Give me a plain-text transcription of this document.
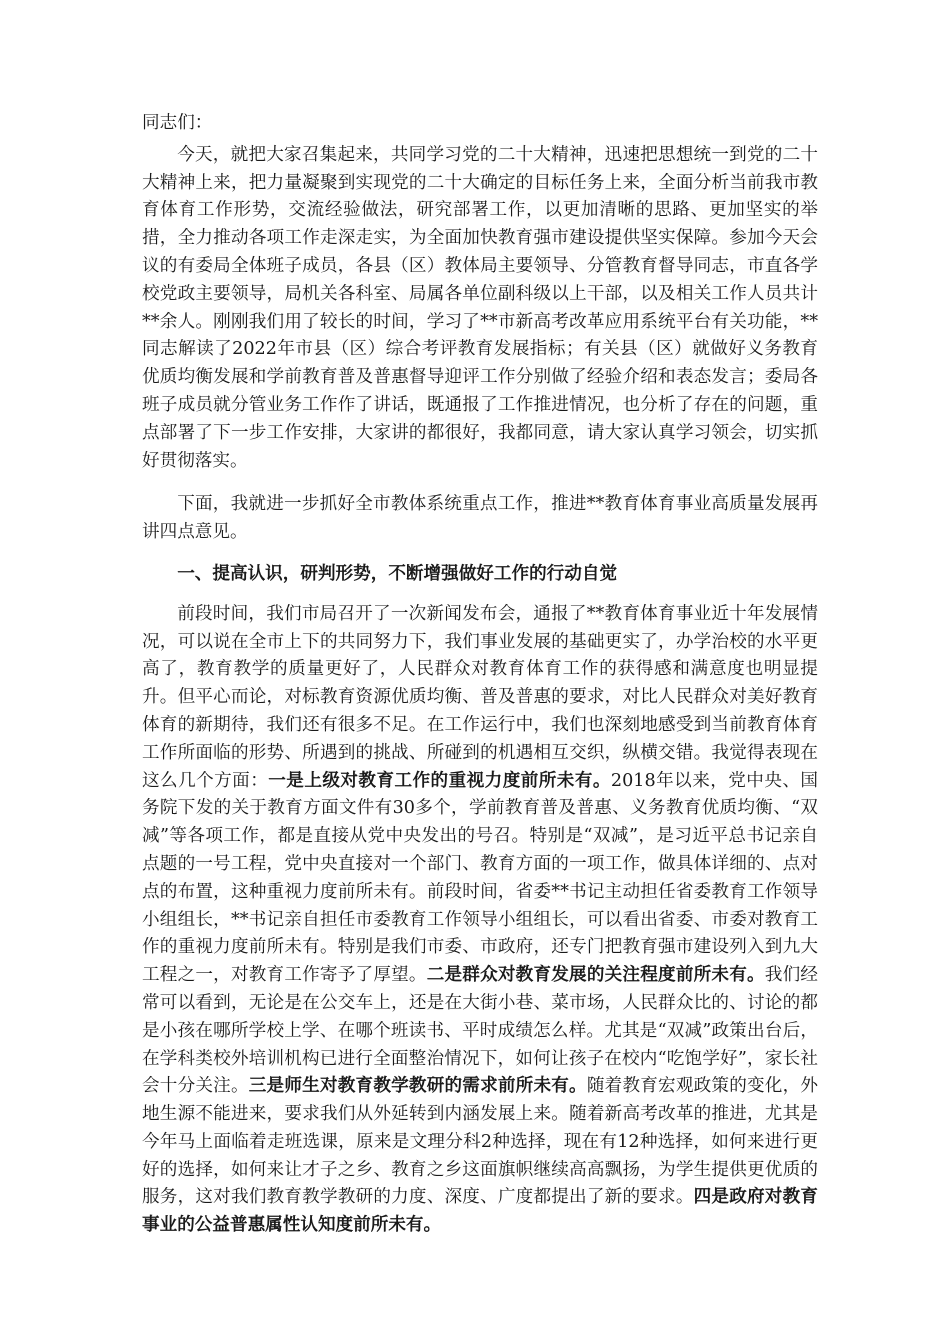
同志们：

今天，就把大家召集起来，共同学习党的二十大精神，迅速把思想统一到党的二十大精神上来，把力量凝聚到实现党的二十大确定的目标任务上来，全面分析当前我市教育体育工作形势，交流经验做法，研究部署工作，以更加清晰的思路、更加坚实的举措，全力推动各项工作走深走实，为全面加快教育强市建设提供坚实保障。参加今天会议的有委局全体班子成员，各县（区）教体局主要领导、分管教育督导同志，市直各学校党政主要领导，局机关各科室、局属各单位副科级以上干部，以及相关工作人员共计**余人。刚刚我们用了较长的时间，学习了**市新高考改革应用系统平台有关功能，**同志解读了2022年市县（区）综合考评教育发展指标；有关县（区）就做好义务教育优质均衡发展和学前教育普及普惠督导迎评工作分别做了经验介绍和表态发言；委局各班子成员就分管业务工作作了讲话，既通报了工作推进情况，也分析了存在的问题，重点部署了下一步工作安排，大家讲的都很好，我都同意，请大家认真学习领会，切实抓好贯彻落实。

下面，我就进一步抓好全市教体系统重点工作，推进**教育体育事业高质量发展再讲四点意见。

一、提高认识，研判形势，不断增强做好工作的行动自觉

前段时间，我们市局召开了一次新闻发布会，通报了**教育体育事业近十年发展情况，可以说在全市上下的共同努力下，我们事业发展的基础更实了，办学治校的水平更高了，教育教学的质量更好了，人民群众对教育体育工作的获得感和满意度也明显提升。但平心而论，对标教育资源优质均衡、普及普惠的要求，对比人民群众对美好教育体育的新期待，我们还有很多不足。在工作运行中，我们也深刻地感受到当前教育体育工作所面临的形势、所遇到的挑战、所碰到的机遇相互交织，纵横交错。我觉得表现在这么几个方面：一是上级对教育工作的重视力度前所未有。2018年以来，党中央、国务院下发的关于教育方面文件有30多个，学前教育普及普惠、义务教育优质均衡、“双减”等各项工作，都是直接从党中央发出的号召。特别是“双减”，是习近平总书记亲自点题的一号工程，党中央直接对一个部门、教育方面的一项工作，做具体详细的、点对点的布置，这种重视力度前所未有。前段时间，省委**书记主动担任省委教育工作领导小组组长，**书记亲自担任市委教育工作领导小组组长，可以看出省委、市委对教育工作的重视力度前所未有。特别是我们市委、市政府，还专门把教育强市建设列入到九大工程之一，对教育工作寄予了厚望。二是群众对教育发展的关注程度前所未有。我们经常可以看到，无论是在公交车上，还是在大街小巷、菜市场，人民群众比的、讨论的都是小孩在哪所学校上学、在哪个班读书、平时成绩怎么样。尤其是“双减”政策出台后，在学科类校外培训机构已进行全面整治情况下，如何让孩子在校内“吃饱学好”，家长社会十分关注。三是师生对教育教学教研的需求前所未有。随着教育宏观政策的变化，外地生源不能进来，要求我们从外延转到内涵发展上来。随着新高考改革的推进，尤其是今年马上面临着走班选课，原来是文理分科2种选择，现在有12种选择，如何来进行更好的选择，如何来让才子之乡、教育之乡这面旗帜继续高高飘扬，为学生提供更优质的服务，这对我们教育教学教研的力度、深度、广度都提出了新的要求。四是政府对教育事业的公益普惠属性认知度前所未有。
